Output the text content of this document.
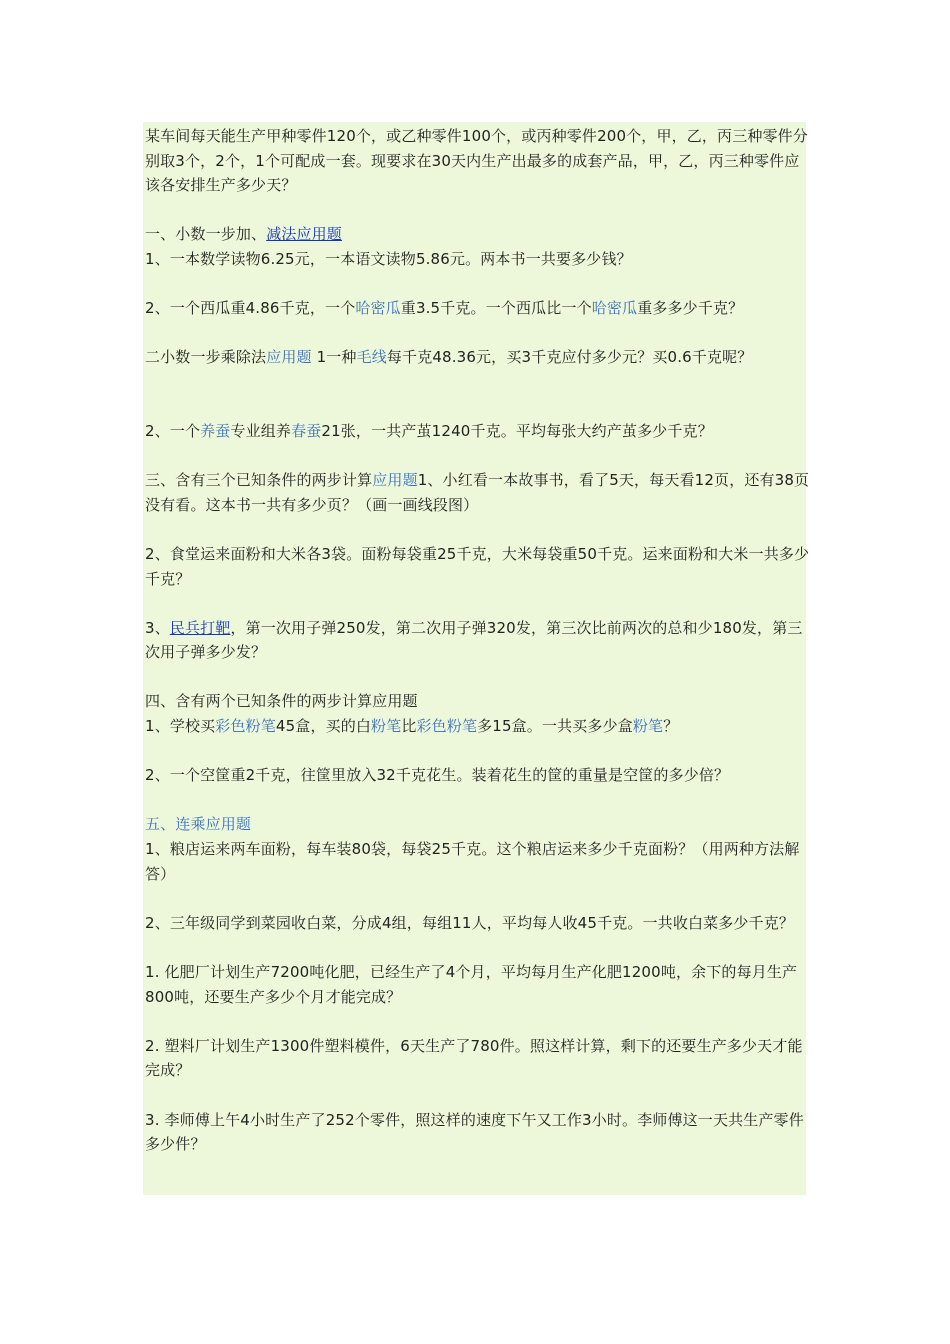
某车间每天能生产甲种零件120个，或乙种零件100个，或丙种零件200个，甲，乙，丙三种零件分别取3个，2个，1个可配成一套。现要求在30天内生产出最多的成套产品，甲，乙，丙三种零件应该各安排生产多少天？

一、小数一步加、减法应用题

1、一本数学读物6.25元，一本语文读物5.86元。两本书一共要多少钱？

2、一个西瓜重4.86千克，一个哈密瓜重3.5千克。一个西瓜比一个哈密瓜重多多少千克？

二小数一步乘除法应用题 1一种毛线每千克48.36元，买3千克应付多少元？买0.6千克呢？

2、一个养蚕专业组养春蚕21张，一共产茧1240千克。平均每张大约产茧多少千克？

三、含有三个已知条件的两步计算应用题1、小红看一本故事书，看了5天，每天看12页，还有38页没有看。这本书一共有多少页？（画一画线段图）

2、食堂运来面粉和大米各3袋。面粉每袋重25千克，大米每袋重50千克。运来面粉和大米一共多少千克？

3、民兵打靶，第一次用子弹250发，第二次用子弹320发，第三次比前两次的总和少180发，第三次用子弹多少发？

四、含有两个已知条件的两步计算应用题

1、学校买彩色粉笔45盒，买的白粉笔比彩色粉笔多15盒。一共买多少盒粉笔？

2、一个空筐重2千克，往筐里放入32千克花生。装着花生的筐的重量是空筐的多少倍？

五、连乘应用题

1、粮店运来两车面粉，每车装80袋，每袋25千克。这个粮店运来多少千克面粉？（用两种方法解答）

2、三年级同学到菜园收白菜，分成4组，每组11人，平均每人收45千克。一共收白菜多少千克？

1. 化肥厂计划生产7200吨化肥，已经生产了4个月，平均每月生产化肥1200吨，余下的每月生产800吨，还要生产多少个月才能完成？

2. 塑料厂计划生产1300件塑料模件，6天生产了780件。照这样计算，剩下的还要生产多少天才能完成？

3. 李师傅上午4小时生产了252个零件，照这样的速度下午又工作3小时。李师傅这一天共生产零件多少件？
